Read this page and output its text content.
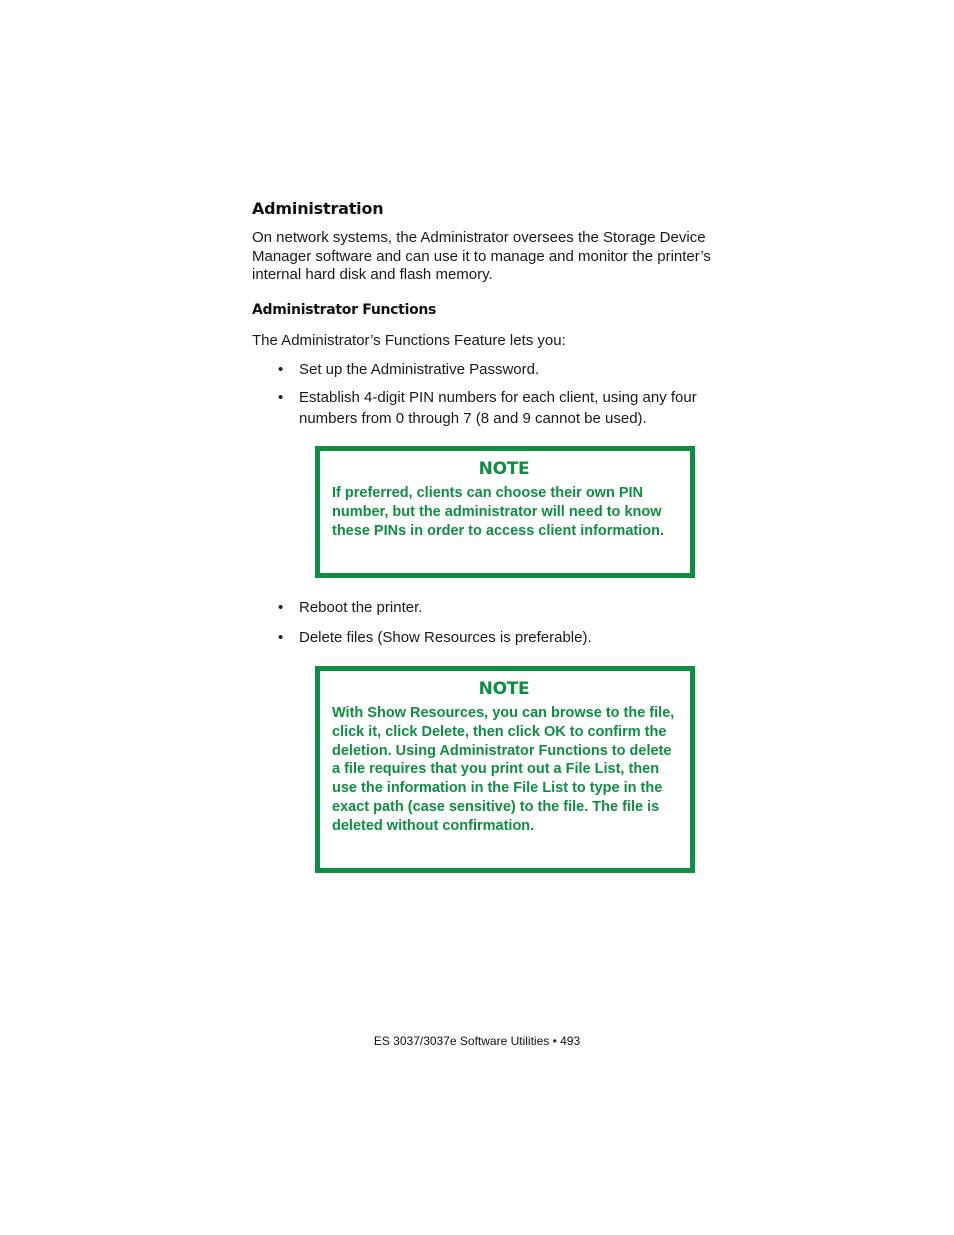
Administration

On network systems, the Administrator oversees the Storage Device Manager software and can use it to manage and monitor the printer’s internal hard disk and flash memory.

Administrator Functions

The Administrator’s Functions Feature lets you:

• Set up the Administrative Password.
• Establish 4-digit PIN numbers for each client, using any four numbers from 0 through 7 (8 and 9 cannot be used).

NOTE

If preferred, clients can choose their own PIN number, but the administrator will need to know these PINs in order to access client information.

• Reboot the printer.
• Delete files (Show Resources is preferable).

NOTE

With Show Resources, you can browse to the file, click it, click Delete, then click OK to confirm the deletion. Using Administrator Functions to delete a file requires that you print out a File List, then use the information in the File List to type in the exact path (case sensitive) to the file. The file is deleted without confirmation.

ES 3037/3037e Software Utilities • 493
